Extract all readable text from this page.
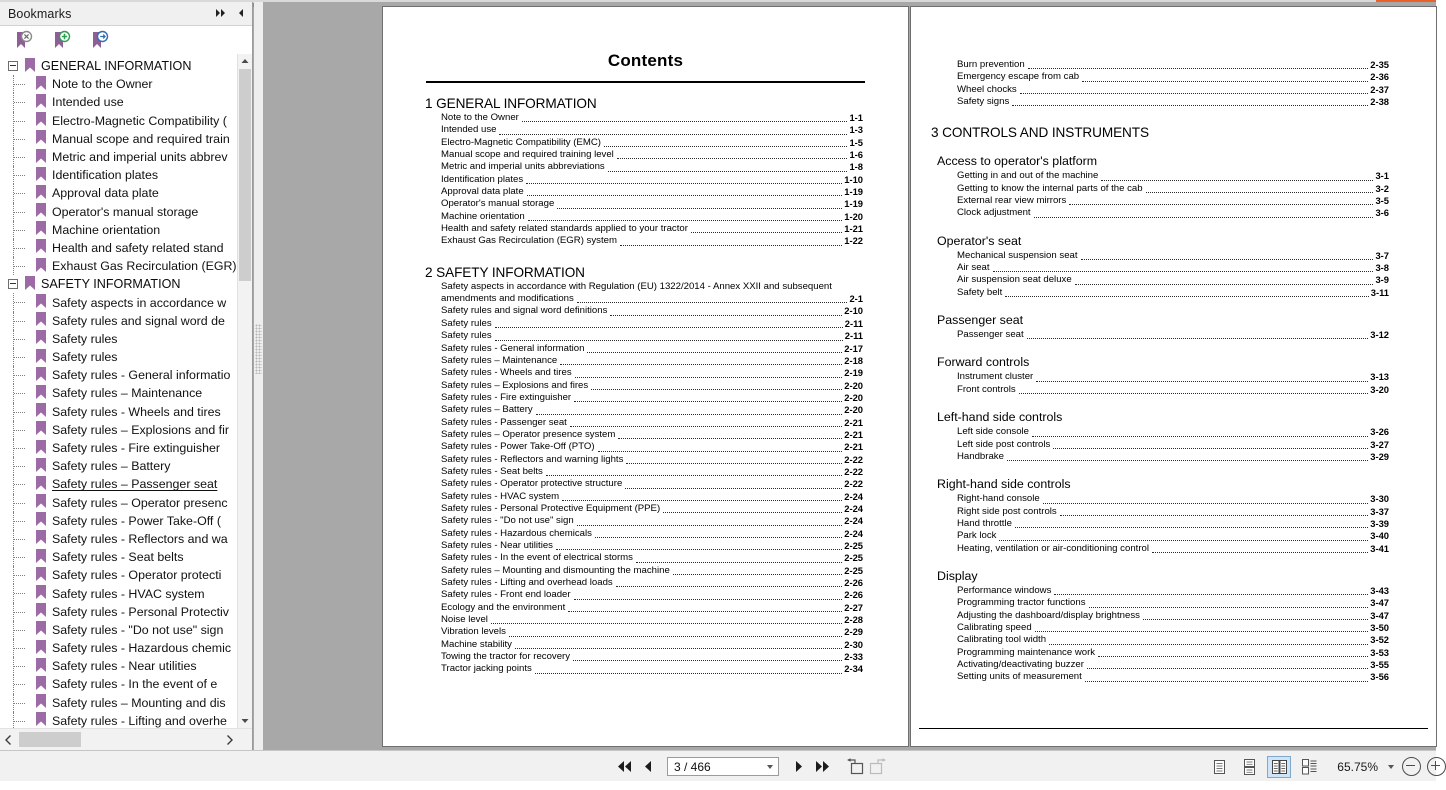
Bookmarks
GENERAL INFORMATION
Note to the Owner
Intended use
Electro-Magnetic Compatibility (
Manual scope and required train
Metric and imperial units abbrev
Identification plates
Approval data plate
Operator's manual storage
Machine orientation
Health and safety related stand
Exhaust Gas Recirculation (EGR)
SAFETY INFORMATION
Safety aspects in accordance w
Safety rules and signal word de
Safety rules
Safety rules
Safety rules - General informatio
Safety rules – Maintenance
Safety rules - Wheels and tires
Safety rules – Explosions and fir
Safety rules - Fire extinguisher
Safety rules – Battery
Safety rules – Passenger seat
Safety rules – Operator presenc
Safety rules - Power Take-Off (
Safety rules - Reflectors and wa
Safety rules - Seat belts
Safety rules - Operator protecti
Safety rules - HVAC system
Safety rules - Personal Protectiv
Safety rules - "Do not use" sign
Safety rules - Hazardous chemic
Safety rules - Near utilities
Safety rules - In the event of e
Safety rules – Mounting and dis
Safety rules - Lifting and overhe
Contents
1 GENERAL INFORMATION
Note to the Owner	1-1
Intended use	1-3
Electro-Magnetic Compatibility (EMC)	1-5
Manual scope and required training level	1-6
Metric and imperial units abbreviations	1-8
Identification plates	1-10
Approval data plate	1-19
Operator's manual storage	1-19
Machine orientation	1-20
Health and safety related standards applied to your tractor	1-21
Exhaust Gas Recirculation (EGR) system	1-22
2 SAFETY INFORMATION
Safety aspects in accordance with Regulation (EU) 1322/2014 - Annex XXII and subsequent
amendments and modifications	2-1
Safety rules and signal word definitions	2-10
Safety rules	2-11
Safety rules	2-11
Safety rules - General information	2-17
Safety rules – Maintenance	2-18
Safety rules - Wheels and tires	2-19
Safety rules – Explosions and fires	2-20
Safety rules - Fire extinguisher	2-20
Safety rules – Battery	2-20
Safety rules - Passenger seat	2-21
Safety rules – Operator presence system	2-21
Safety rules - Power Take-Off (PTO)	2-21
Safety rules - Reflectors and warning lights	2-22
Safety rules - Seat belts	2-22
Safety rules - Operator protective structure	2-22
Safety rules - HVAC system	2-24
Safety rules - Personal Protective Equipment (PPE)	2-24
Safety rules - "Do not use" sign	2-24
Safety rules - Hazardous chemicals	2-24
Safety rules - Near utilities	2-25
Safety rules - In the event of electrical storms	2-25
Safety rules – Mounting and dismounting the machine	2-25
Safety rules - Lifting and overhead loads	2-26
Safety rules - Front end loader	2-26
Ecology and the environment	2-27
Noise level	2-28
Vibration levels	2-29
Machine stability	2-30
Towing the tractor for recovery	2-33
Tractor jacking points	2-34
Burn prevention	2-35
Emergency escape from cab	2-36
Wheel chocks	2-37
Safety signs	2-38
3 CONTROLS AND INSTRUMENTS
Access to operator's platform
Getting in and out of the machine	3-1
Getting to know the internal parts of the cab	3-2
External rear view mirrors	3-5
Clock adjustment	3-6
Operator's seat
Mechanical suspension seat	3-7
Air seat	3-8
Air suspension seat deluxe	3-9
Safety belt	3-11
Passenger seat
Passenger seat	3-12
Forward controls
Instrument cluster	3-13
Front controls	3-20
Left-hand side controls
Left side console	3-26
Left side post controls	3-27
Handbrake	3-29
Right-hand side controls
Right-hand console	3-30
Right side post controls	3-37
Hand throttle	3-39
Park lock	3-40
Heating, ventilation or air-conditioning control	3-41
Display
Performance windows	3-43
Programming tractor functions	3-47
Adjusting the dashboard/display brightness	3-47
Calibrating speed	3-50
Calibrating tool width	3-52
Programming maintenance work	3-53
Activating/deactivating buzzer	3-55
Setting units of measurement	3-56
3 / 466	65.75%
